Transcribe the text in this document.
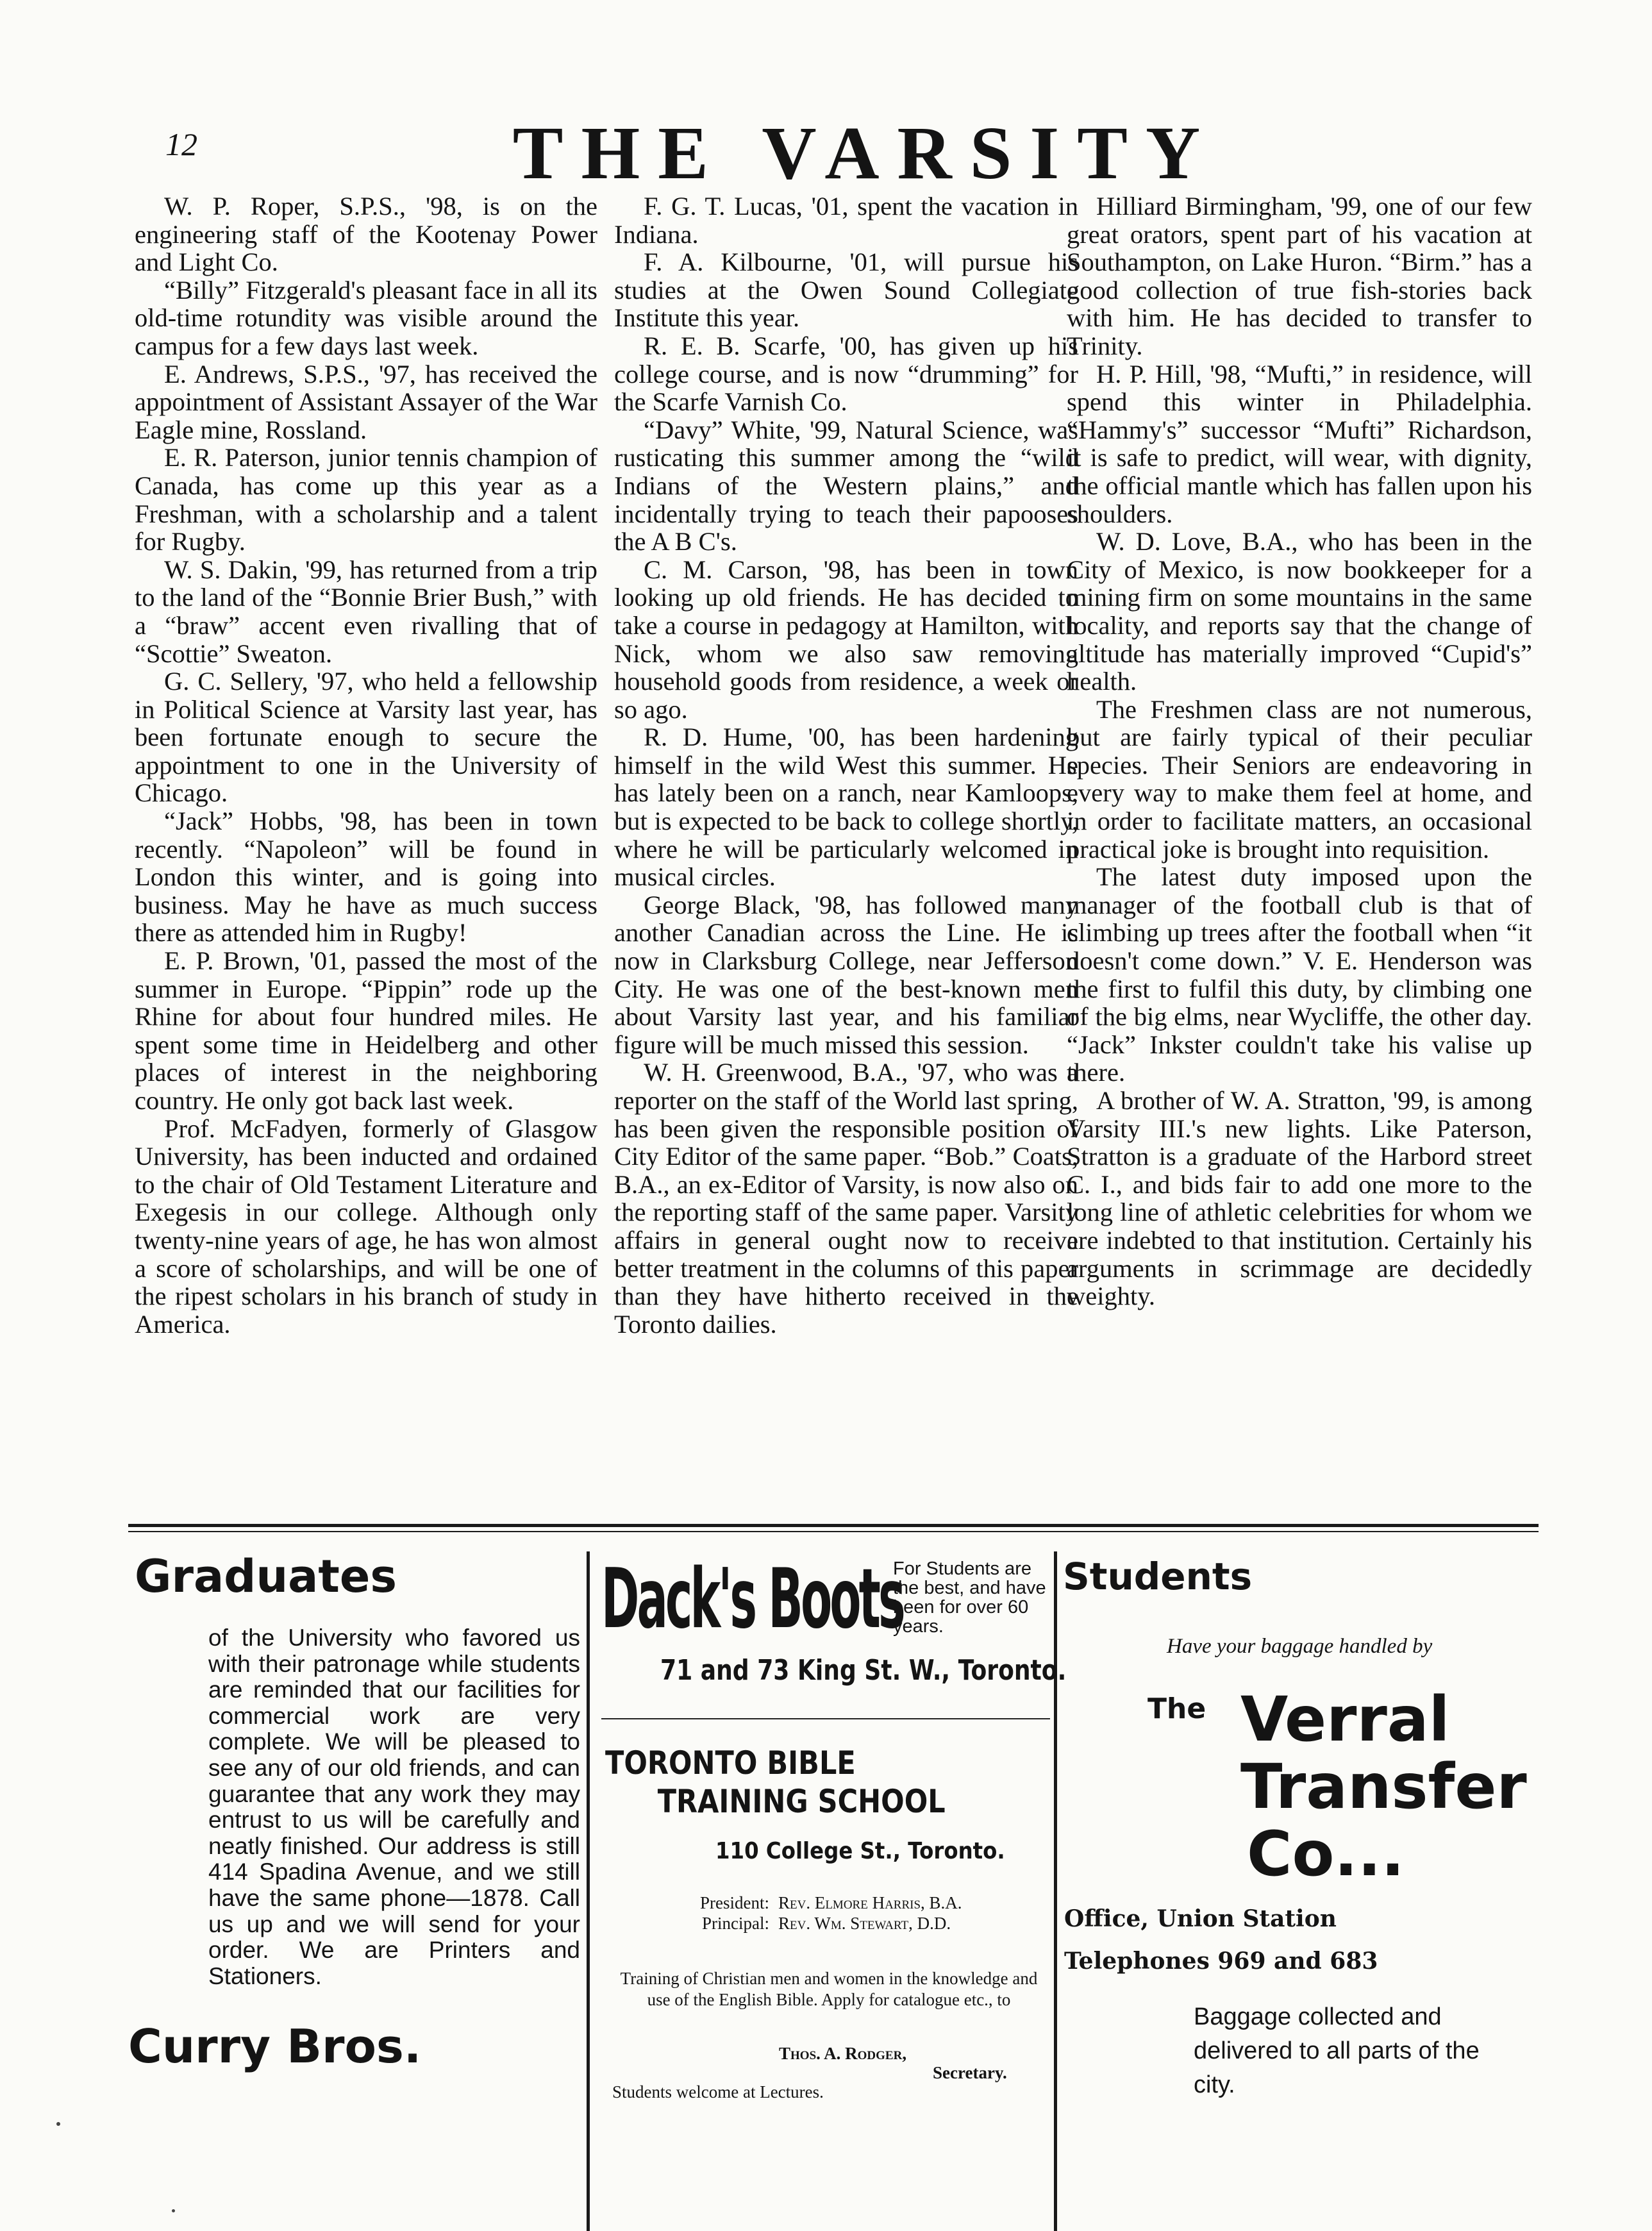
12	THE VARSITY

W. P. Roper, S.P.S., '98, is on the engineering staff of the Kootenay Power and Light Co.

“Billy” Fitzgerald's pleasant face in all its old-time rotundity was visible around the campus for a few days last week.

E. Andrews, S.P.S., '97, has received the appointment of Assistant Assayer of the War Eagle mine, Rossland.

E. R. Paterson, junior tennis champion of Canada, has come up this year as a Freshman, with a scholarship and a talent for Rugby.

W. S. Dakin, '99, has returned from a trip to the land of the “Bonnie Brier Bush,” with a “braw” accent even rivalling that of “Scottie” Sweaton.

G. C. Sellery, '97, who held a fellowship in Political Science at Varsity last year, has been fortunate enough to secure the appointment to one in the University of Chicago.

“Jack” Hobbs, '98, has been in town recently. “Napoleon” will be found in London this winter, and is going into business. May he have as much success there as attended him in Rugby!

E. P. Brown, '01, passed the most of the summer in Europe. “Pippin” rode up the Rhine for about four hundred miles. He spent some time in Heidelberg and other places of interest in the neighboring country. He only got back last week.

Prof. McFadyen, formerly of Glasgow University, has been inducted and ordained to the chair of Old Testament Literature and Exegesis in our college. Although only twenty-nine years of age, he has won almost a score of scholarships, and will be one of the ripest scholars in his branch of study in America.

F. G. T. Lucas, '01, spent the vacation in Indiana.

F. A. Kilbourne, '01, will pursue his studies at the Owen Sound Collegiate Institute this year.

R. E. B. Scarfe, '00, has given up his college course, and is now “drumming” for the Scarfe Varnish Co.

“Davy” White, '99, Natural Science, was rusticating this summer among the “wild Indians of the Western plains,” and incidentally trying to teach their papooses the A B C's.

C. M. Carson, '98, has been in town looking up old friends. He has decided to take a course in pedagogy at Hamilton, with Nick, whom we also saw removing household goods from residence, a week or so ago.

R. D. Hume, '00, has been hardening himself in the wild West this summer. He has lately been on a ranch, near Kamloops, but is expected to be back to college shortly, where he will be particularly welcomed in musical circles.

George Black, '98, has followed many another Canadian across the Line. He is now in Clarksburg College, near Jefferson City. He was one of the best-known men about Varsity last year, and his familiar figure will be much missed this session.

W. H. Greenwood, B.A., '97, who was a reporter on the staff of the World last spring, has been given the responsible position of City Editor of the same paper. “Bob.” Coats, B.A., an ex-Editor of Varsity, is now also on the reporting staff of the same paper. Varsity affairs in general ought now to receive better treatment in the columns of this paper than they have hitherto received in the Toronto dailies.

Hilliard Birmingham, '99, one of our few great orators, spent part of his vacation at Southampton, on Lake Huron. “Birm.” has a good collection of true fish-stories back with him. He has decided to transfer to Trinity.

H. P. Hill, '98, “Mufti,” in residence, will spend this winter in Philadelphia. “Hammy's” successor “Mufti” Richardson, it is safe to predict, will wear, with dignity, the official mantle which has fallen upon his shoulders.

W. D. Love, B.A., who has been in the City of Mexico, is now bookkeeper for a mining firm on some mountains in the same locality, and reports say that the change of altitude has materially improved “Cupid's” health.

The Freshmen class are not numerous, but are fairly typical of their peculiar species. Their Seniors are endeavoring in every way to make them feel at home, and in order to facilitate matters, an occasional practical joke is brought into requisition.

The latest duty imposed upon the manager of the football club is that of climbing up trees after the football when “it doesn't come down.” V. E. Henderson was the first to fulfil this duty, by climbing one of the big elms, near Wycliffe, the other day. “Jack” Inkster couldn't take his valise up there.

A brother of W. A. Stratton, '99, is among Varsity III.'s new lights. Like Paterson, Stratton is a graduate of the Harbord street C. I., and bids fair to add one more to the long line of athletic celebrities for whom we are indebted to that institution. Certainly his arguments in scrimmage are decidedly weighty.

Graduates
of the University who favored us with their patronage while students are reminded that our facilities for commercial work are very complete. We will be pleased to see any of our old friends, and can guarantee that any work they may entrust to us will be carefully and neatly finished. Our address is still 414 Spadina Avenue, and we still have the same phone—1878. Call us up and we will send for your order. We are Printers and Stationers.
Curry Bros.
Dack's Boots
For Students are the best, and have been for over 60 years.
71 and 73 King St. W., Toronto.
TORONTO BIBLE
TRAINING SCHOOL
110 College St., Toronto.
President: Rev. Elmore Harris, B.A.
Principal: Rev. Wm. Stewart, D.D.
Training of Christian men and women in the knowledge and use of the English Bible. Apply for catalogue etc., to
Thos. A. Rodger,
Secretary.
Students welcome at Lectures.
Students
Have your baggage handled by
The Verral
Transfer
Co...
Office, Union Station
Telephones 969 and 683
Baggage collected and delivered to all parts of the city.
